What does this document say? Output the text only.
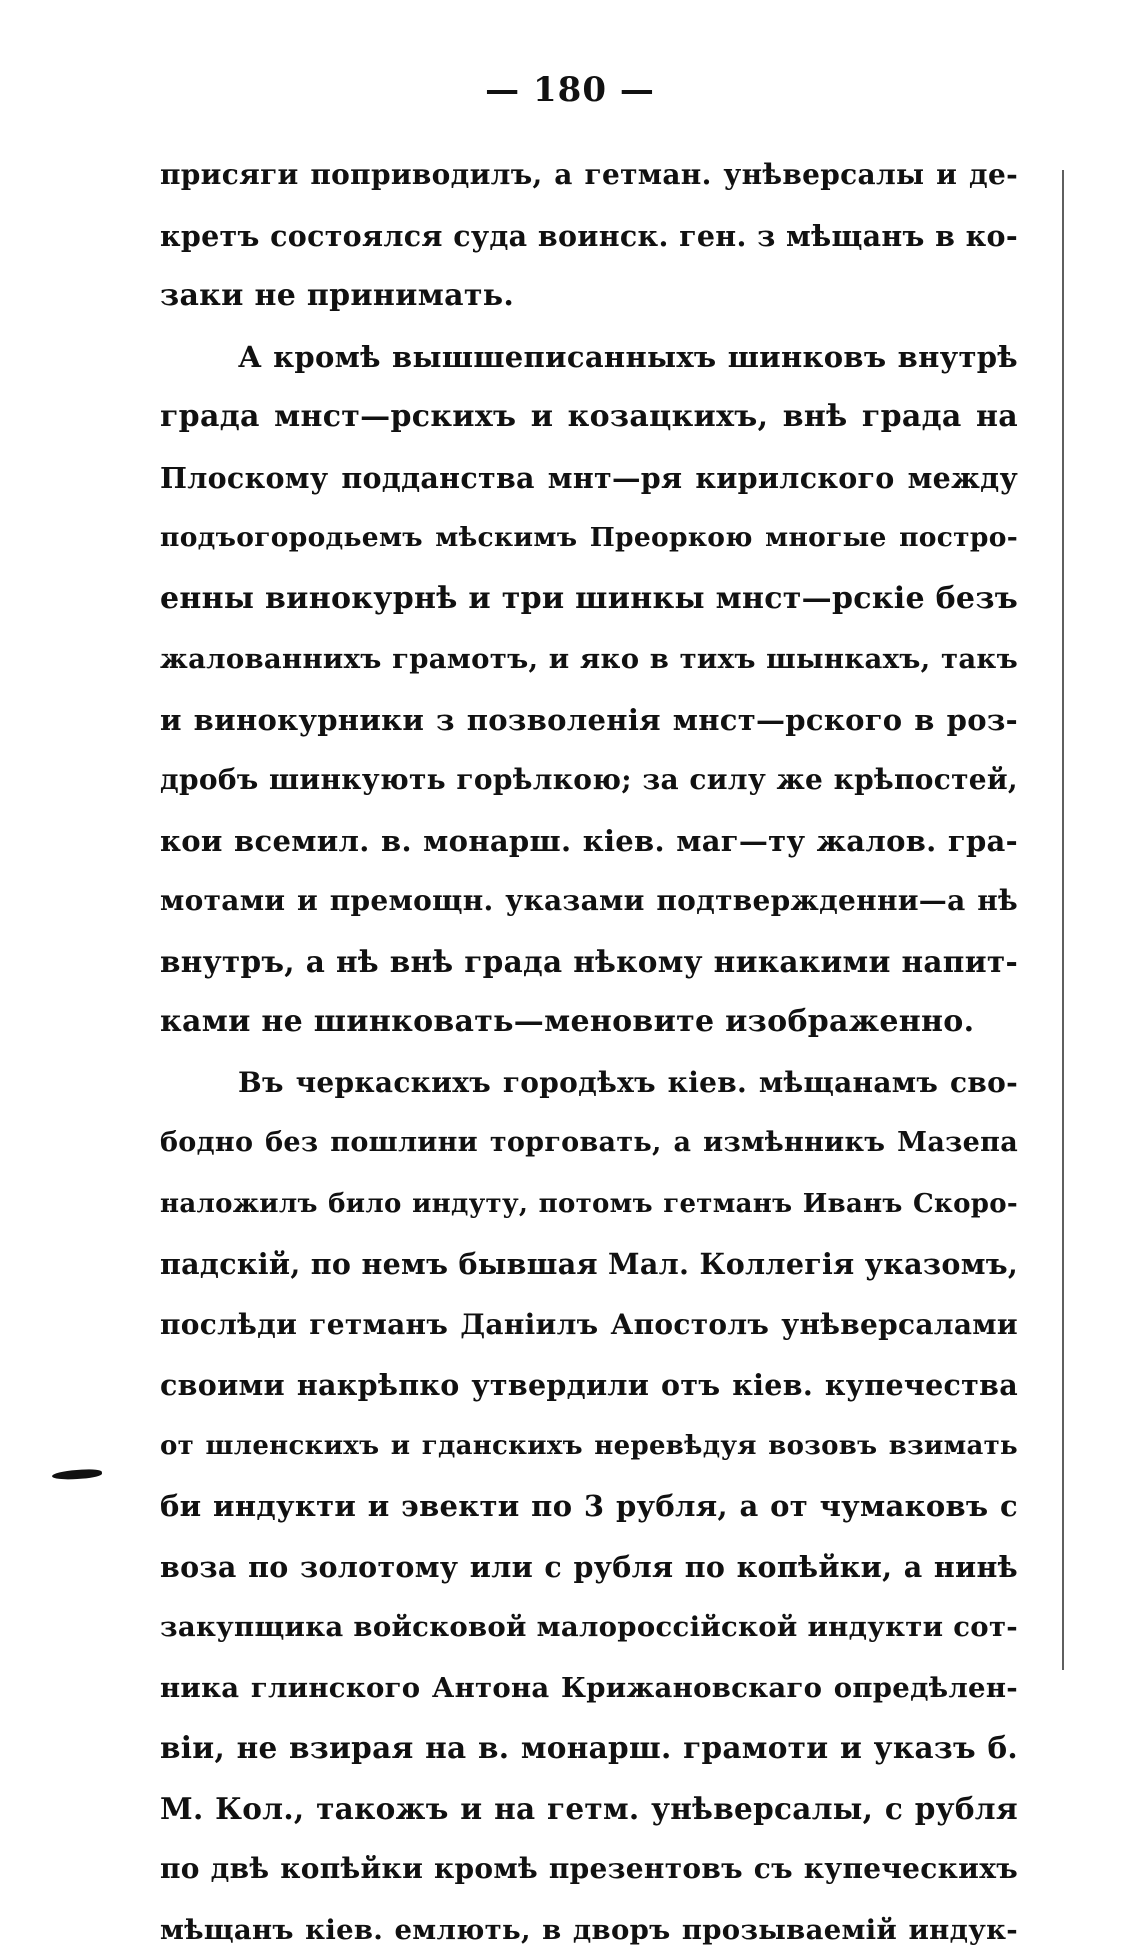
— 180 —
присяги поприводилъ, а гетман. унѣверсалы и де-
кретъ состоялся суда воинск. ген. з мѣщанъ в ко-
заки не принимать.
А кромѣ вышшеписанныхъ шинковъ внутрѣ
града мнст—рскихъ и козацкихъ, внѣ града на
Плоскому подданства мнт—ря кирилского между
подъогородьемъ мѣскимъ Преоркою многые постро-
енны винокурнѣ и три шинкы мнст—рскіе безъ
жалованнихъ грамотъ, и яко в тихъ шынкахъ, такъ
и винокурники з позволенія мнст—рского в роз-
дробъ шинкують горѣлкою; за силу же крѣпостей,
кои всемил. в. монарш. кіев. маг—ту жалов. гра-
мотами и премощн. указами подтвержденни—а нѣ
внутръ, а нѣ внѣ града нѣкому никакими напит-
ками не шинковать—меновите изображенно.
Въ черкаскихъ городѣхъ кіев. мѣщанамъ сво-
бодно без пошлини торговать, а измѣнникъ Мазепа
наложилъ било индуту, потомъ гетманъ Иванъ Скоро-
падскій, по немъ бывшая Мал. Коллегія указомъ,
послѣди гетманъ Даніилъ Апостолъ унѣверсалами
своими накрѣпко утвердили отъ кіев. купечества
от шленскихъ и гданскихъ неревѣдуя возовъ взимать
би индукти и эвекти по 3 рубля, а от чумаковъ с
воза по золотому или с рубля по копѣйки, а нинѣ
закупщика войсковой малороссійской индукти сот-
ника глинского Антона Крижановскаго опредѣлен-
віи, не взирая на в. монарш. грамоти и указъ б.
М. Кол., такожъ и на гетм. унѣверсалы, с рубля
по двѣ копѣйки кромѣ презентовъ съ купеческихъ
мѣщанъ кіев. емлють, в дворъ прозываемій индук-
